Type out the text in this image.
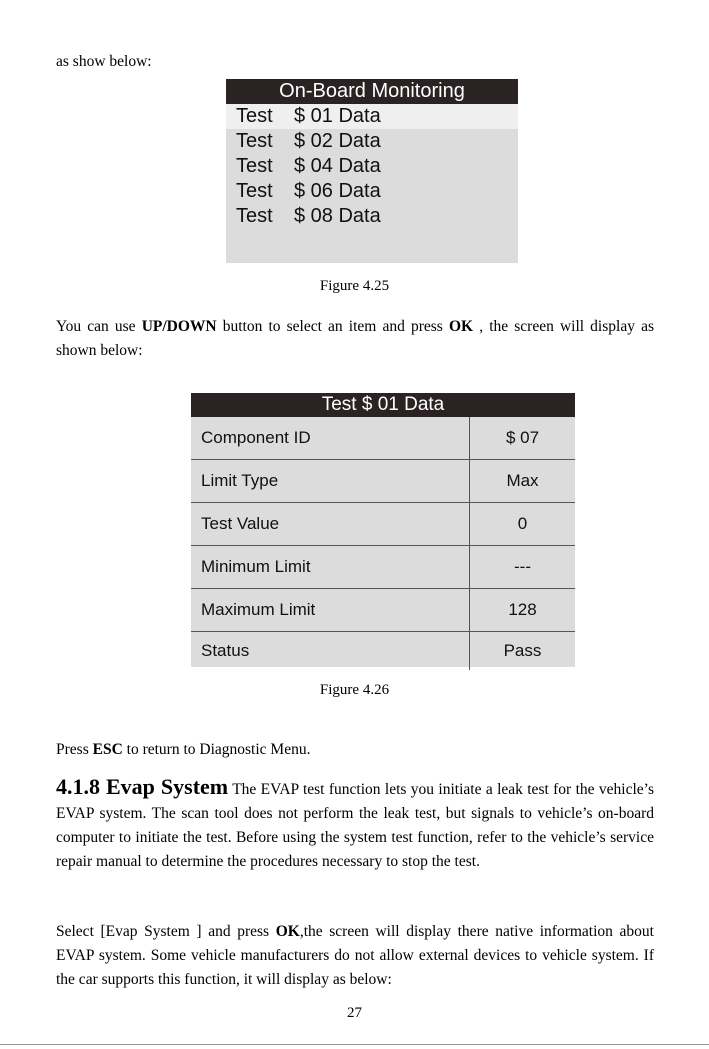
as show below:
On-Board Monitoring
Test $ 01 Data
Test $ 02 Data
Test $ 04 Data
Test $ 06 Data
Test $ 08 Data
Figure 4.25
You can use UP/DOWN button to select an item and press OK , the screen will display as shown below:
Test $ 01 Data
Component ID	$ 07
Limit Type	Max
Test Value	0
Minimum Limit	---
Maximum Limit	128
Status	Pass
Figure 4.26
Press ESC to return to Diagnostic Menu.
4.1.8 Evap System The EVAP test function lets you initiate a leak test for the vehicle’s EVAP system. The scan tool does not perform the leak test, but signals to vehicle’s on-board computer to initiate the test. Before using the system test function, refer to the vehicle’s service repair manual to determine the procedures necessary to stop the test.
Select [Evap System ] and press OK,the screen will display there native information about EVAP system. Some vehicle manufacturers do not allow external devices to vehicle system. If the car supports this function, it will display as below:
27
